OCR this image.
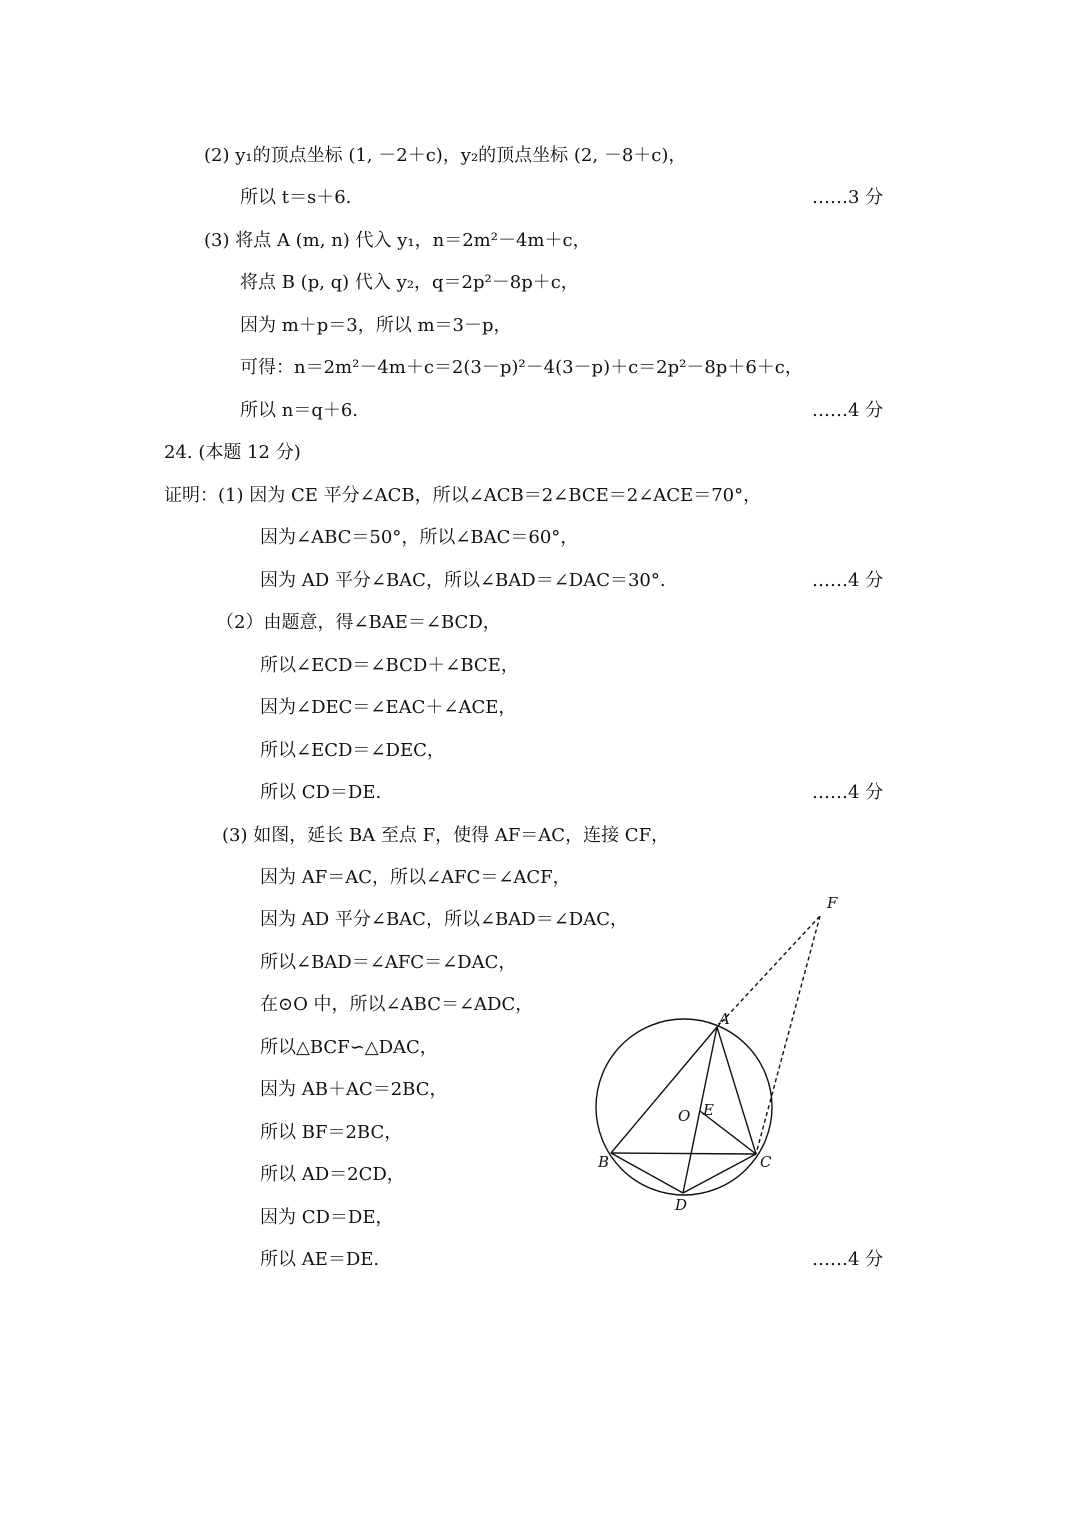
(2) y₁的顶点坐标 (1, －2＋c)，y₂的顶点坐标 (2, －8＋c)，
所以 t＝s＋6.	……3 分
(3) 将点 A (m, n) 代入 y₁，n＝2m²－4m＋c，
将点 B (p, q) 代入 y₂，q＝2p²－8p＋c，
因为 m＋p＝3，所以 m＝3－p，
可得：n＝2m²－4m＋c＝2(3－p)²－4(3－p)＋c＝2p²－8p＋6＋c，
所以 n＝q＋6.	……4 分
24. (本题 12 分)
证明：(1) 因为 CE 平分∠ACB，所以∠ACB＝2∠BCE＝2∠ACE＝70°，
因为∠ABC＝50°，所以∠BAC＝60°，
因为 AD 平分∠BAC，所以∠BAD＝∠DAC＝30°.	……4 分
（2）由题意，得∠BAE＝∠BCD，
所以∠ECD＝∠BCD＋∠BCE，
因为∠DEC＝∠EAC＋∠ACE，
所以∠ECD＝∠DEC，
所以 CD＝DE.	……4 分
(3) 如图，延长 BA 至点 F，使得 AF＝AC，连接 CF，
因为 AF＝AC，所以∠AFC＝∠ACF，
因为 AD 平分∠BAC，所以∠BAD＝∠DAC，
所以∠BAD＝∠AFC＝∠DAC，
在⊙O 中，所以∠ABC＝∠ADC，
所以△BCF∽△DAC，
因为 AB＋AC＝2BC，
所以 BF＝2BC，
所以 AD＝2CD，
因为 CD＝DE，
所以 AE＝DE.	……4 分
A
B	C
D
E
F
O
